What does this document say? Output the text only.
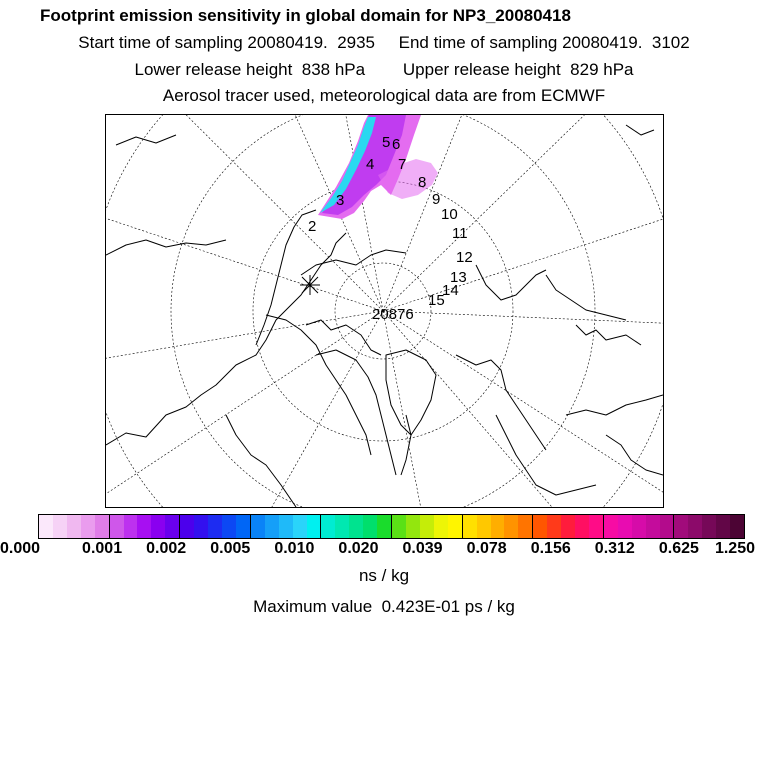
Footprint emission sensitivity in global domain for NP3_20080418
Start time of sampling 20080419.  2935     End time of sampling 20080419.  3102
Lower release height  838 hPa        Upper release height  829 hPa
Aerosol tracer used, meteorological data are from ECMWF
2
3
4
5 6
7
8
9
10
11
12
13
14
15
20876
0.000	0.001 0.002 0.005 0.010 0.020 0.039 0.078 0.156 0.312 0.625 1.250
ns / kg
Maximum value  0.423E-01 ps / kg
